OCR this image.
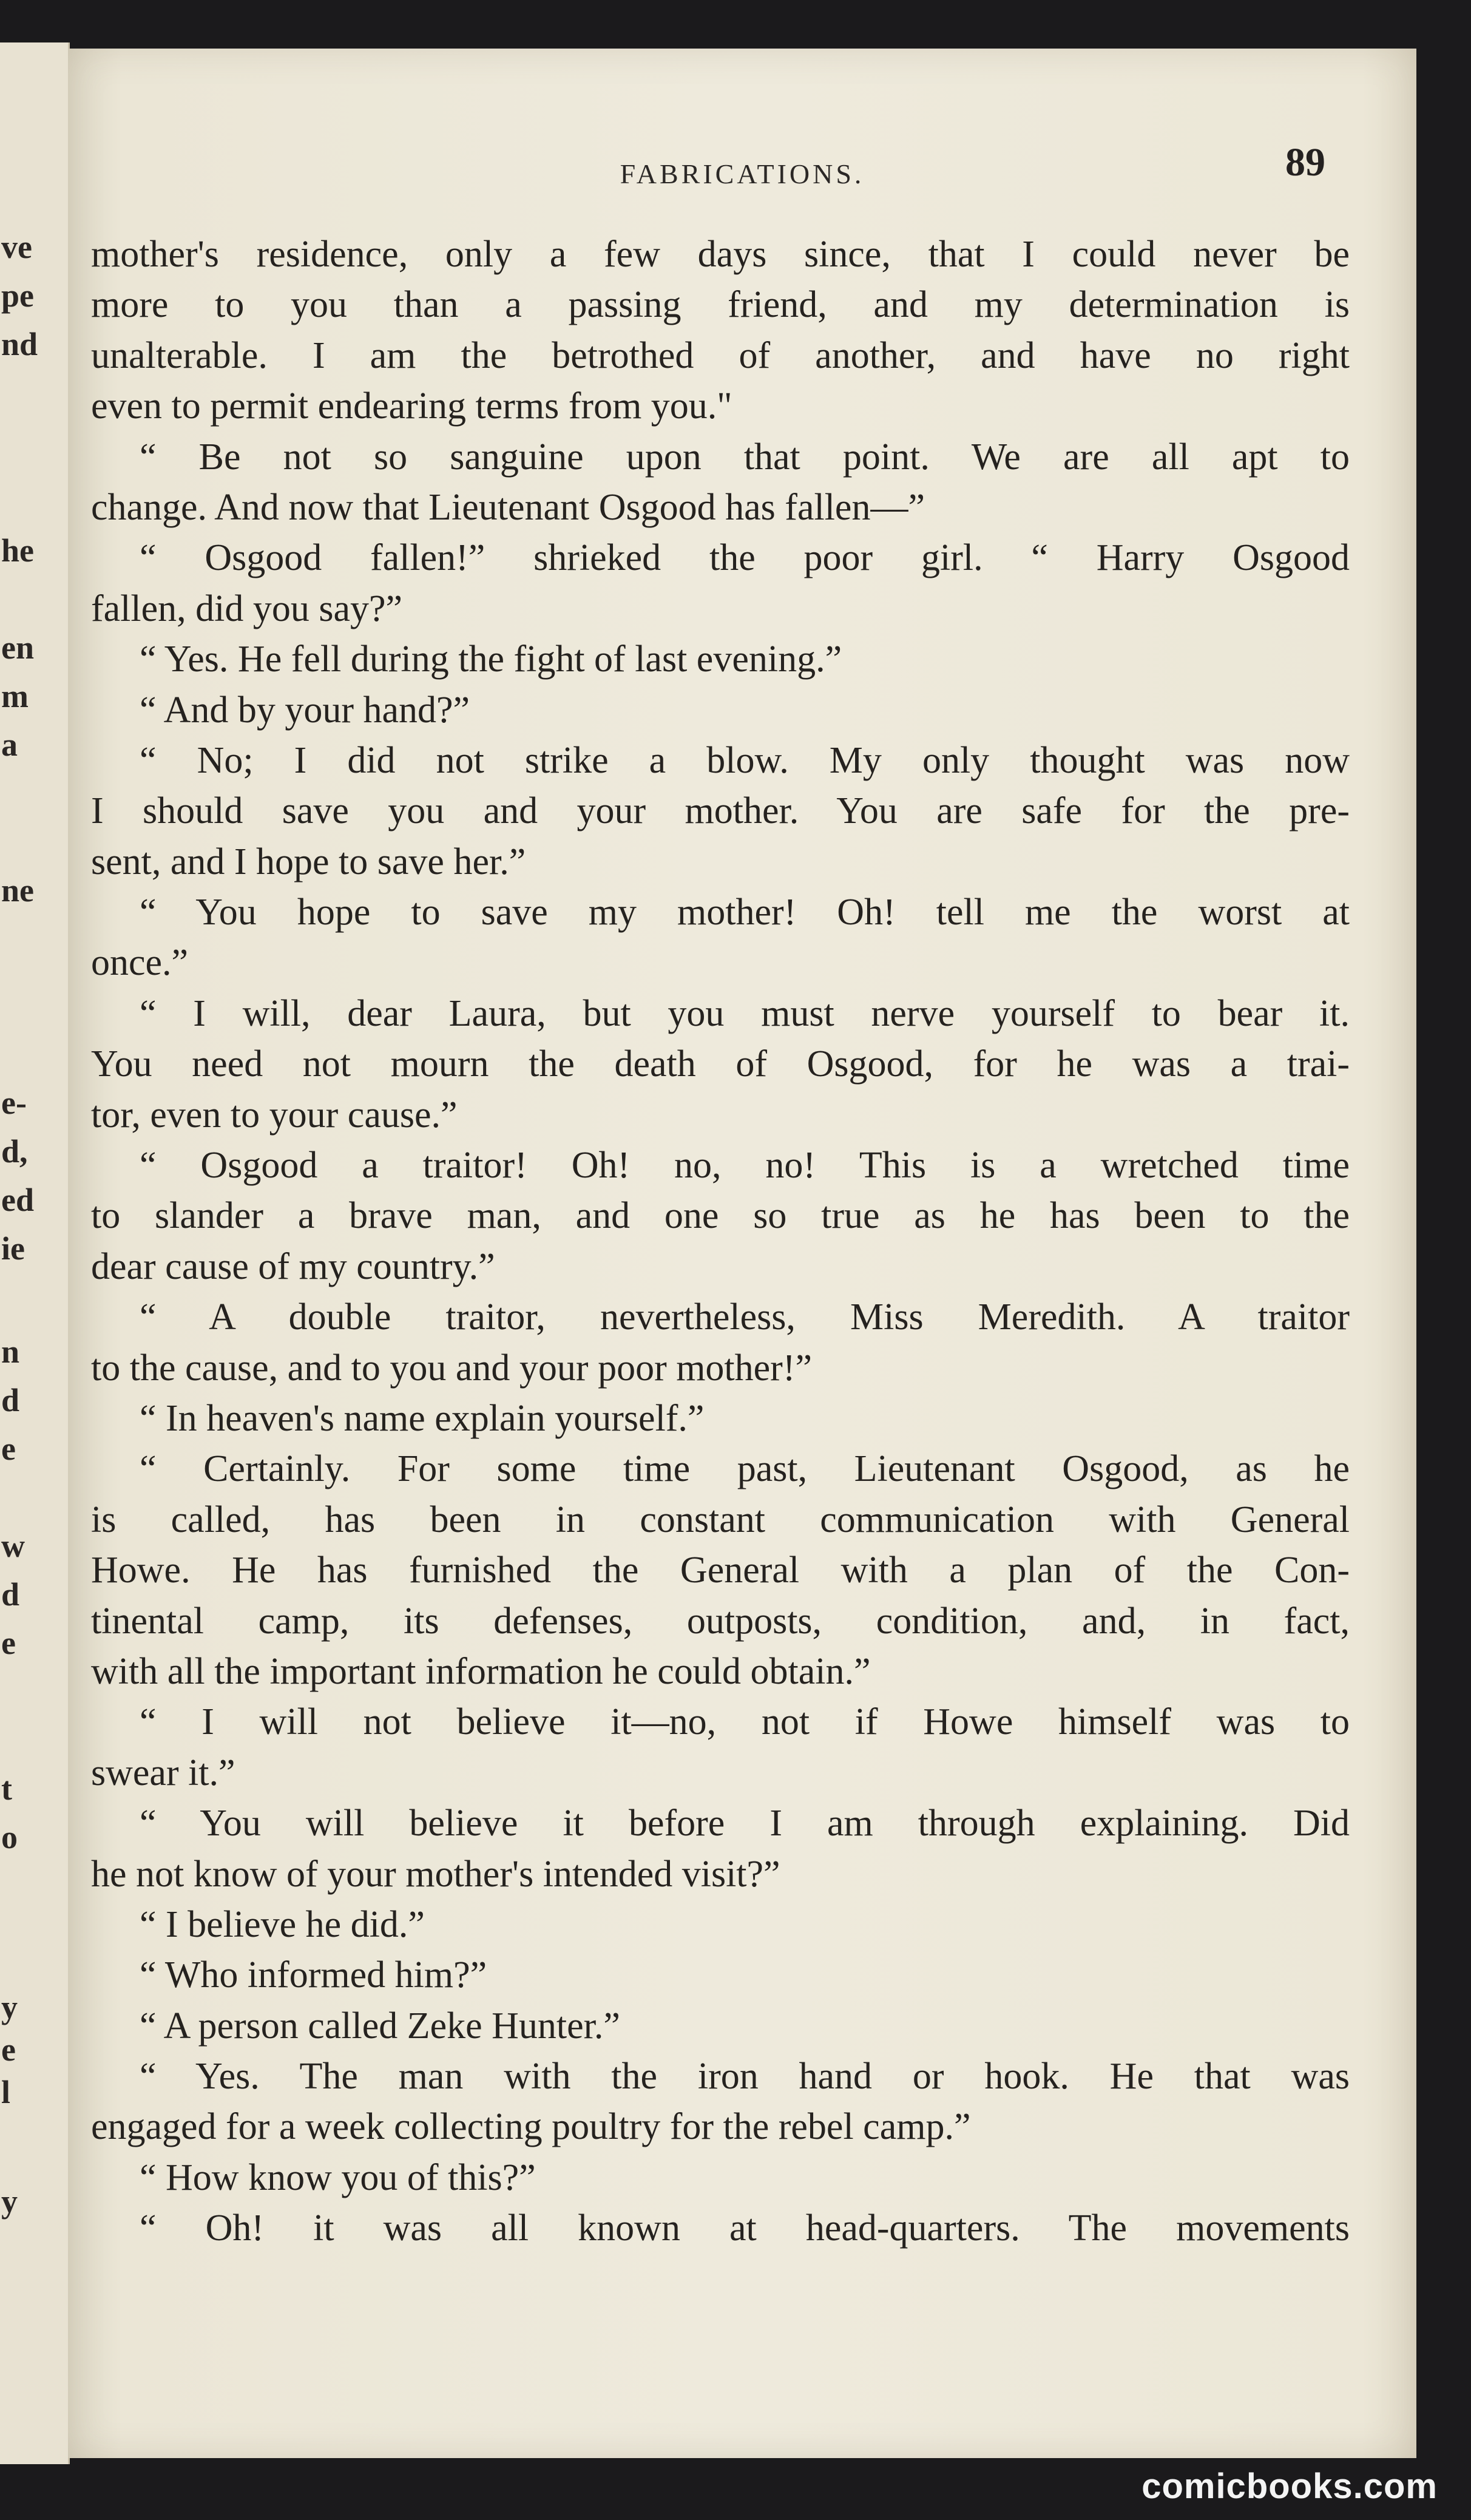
ve
pe
nd
he
en
m
a
ne
e-
d,
ed
ie
n
d
e
w
d
e
t
o
y
e
l
y
FABRICATIONS.	89
mother's residence, only a few days since, that I could never be
more to you than a passing friend, and my determination is
unalterable. I am the betrothed of another, and have no right
even to permit endearing terms from you."
“ Be not so sanguine upon that point. We are all apt to
change. And now that Lieutenant Osgood has fallen—”
“ Osgood fallen!” shrieked the poor girl. “ Harry Osgood
fallen, did you say?”
“ Yes. He fell during the fight of last evening.”
“ And by your hand?”
“ No; I did not strike a blow. My only thought was now
I should save you and your mother. You are safe for the pre-
sent, and I hope to save her.”
“ You hope to save my mother! Oh! tell me the worst at
once.”
“ I will, dear Laura, but you must nerve yourself to bear it.
You need not mourn the death of Osgood, for he was a trai-
tor, even to your cause.”
“ Osgood a traitor! Oh! no, no! This is a wretched time
to slander a brave man, and one so true as he has been to the
dear cause of my country.”
“ A double traitor, nevertheless, Miss Meredith. A traitor
to the cause, and to you and your poor mother!”
“ In heaven's name explain yourself.”
“ Certainly. For some time past, Lieutenant Osgood, as he
is called, has been in constant communication with General
Howe. He has furnished the General with a plan of the Con-
tinental camp, its defenses, outposts, condition, and, in fact,
with all the important information he could obtain.”
“ I will not believe it—no, not if Howe himself was to
swear it.”
“ You will believe it before I am through explaining. Did
he not know of your mother's intended visit?”
“ I believe he did.”
“ Who informed him?”
“ A person called Zeke Hunter.”
“ Yes. The man with the iron hand or hook. He that was
engaged for a week collecting poultry for the rebel camp.”
“ How know you of this?”
“ Oh! it was all known at head-quarters. The movements
comicbooks.com
